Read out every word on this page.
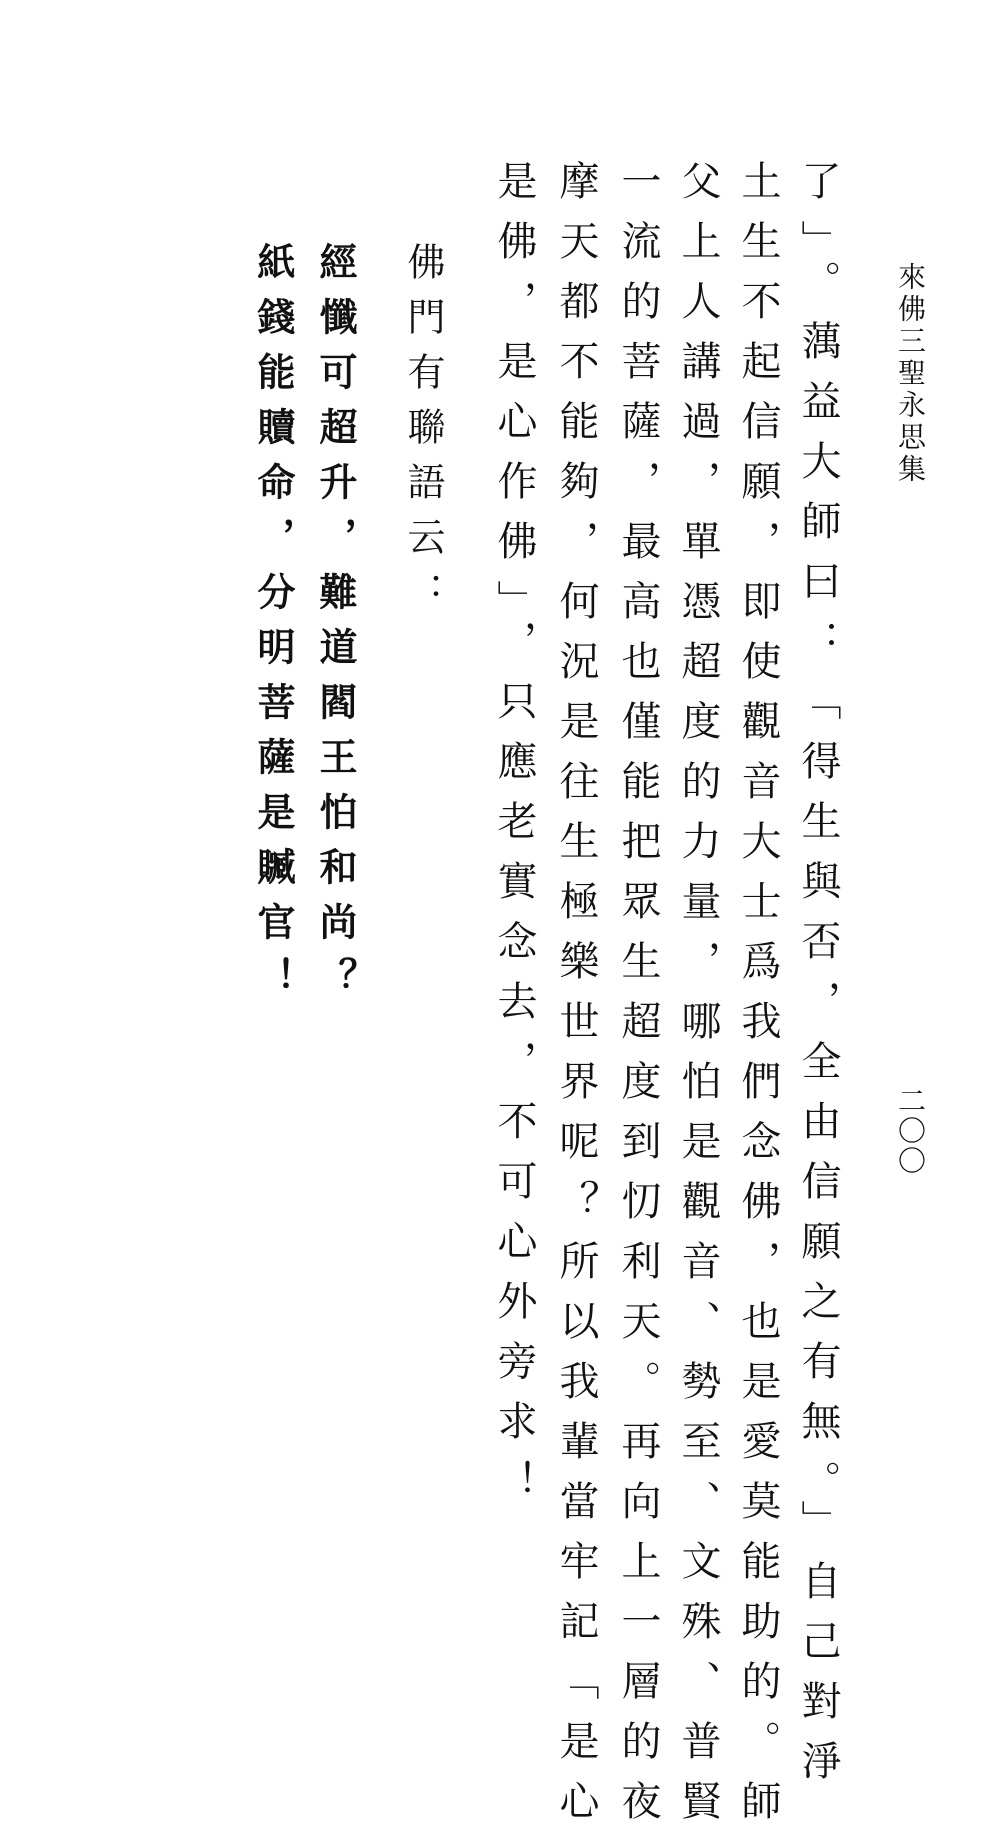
來佛三聖永思集
二〇〇
了」。蕅益大師曰：「得生與否，全由信願之有無。」自己對淨
土生不起信願，即使觀音大士爲我們念佛，也是愛莫能助的。師
父上人講過，單憑超度的力量，哪怕是觀音、勢至、文殊、普賢
一流的菩薩，最高也僅能把眾生超度到忉利天。再向上一層的夜
摩天都不能夠，何況是往生極樂世界呢？所以我輩當牢記「是心
是佛，是心作佛」，只應老實念去，不可心外旁求！
佛門有聯語云：
經懺可超升，難道閻王怕和尚？
紙錢能贖命，分明菩薩是贓官！
